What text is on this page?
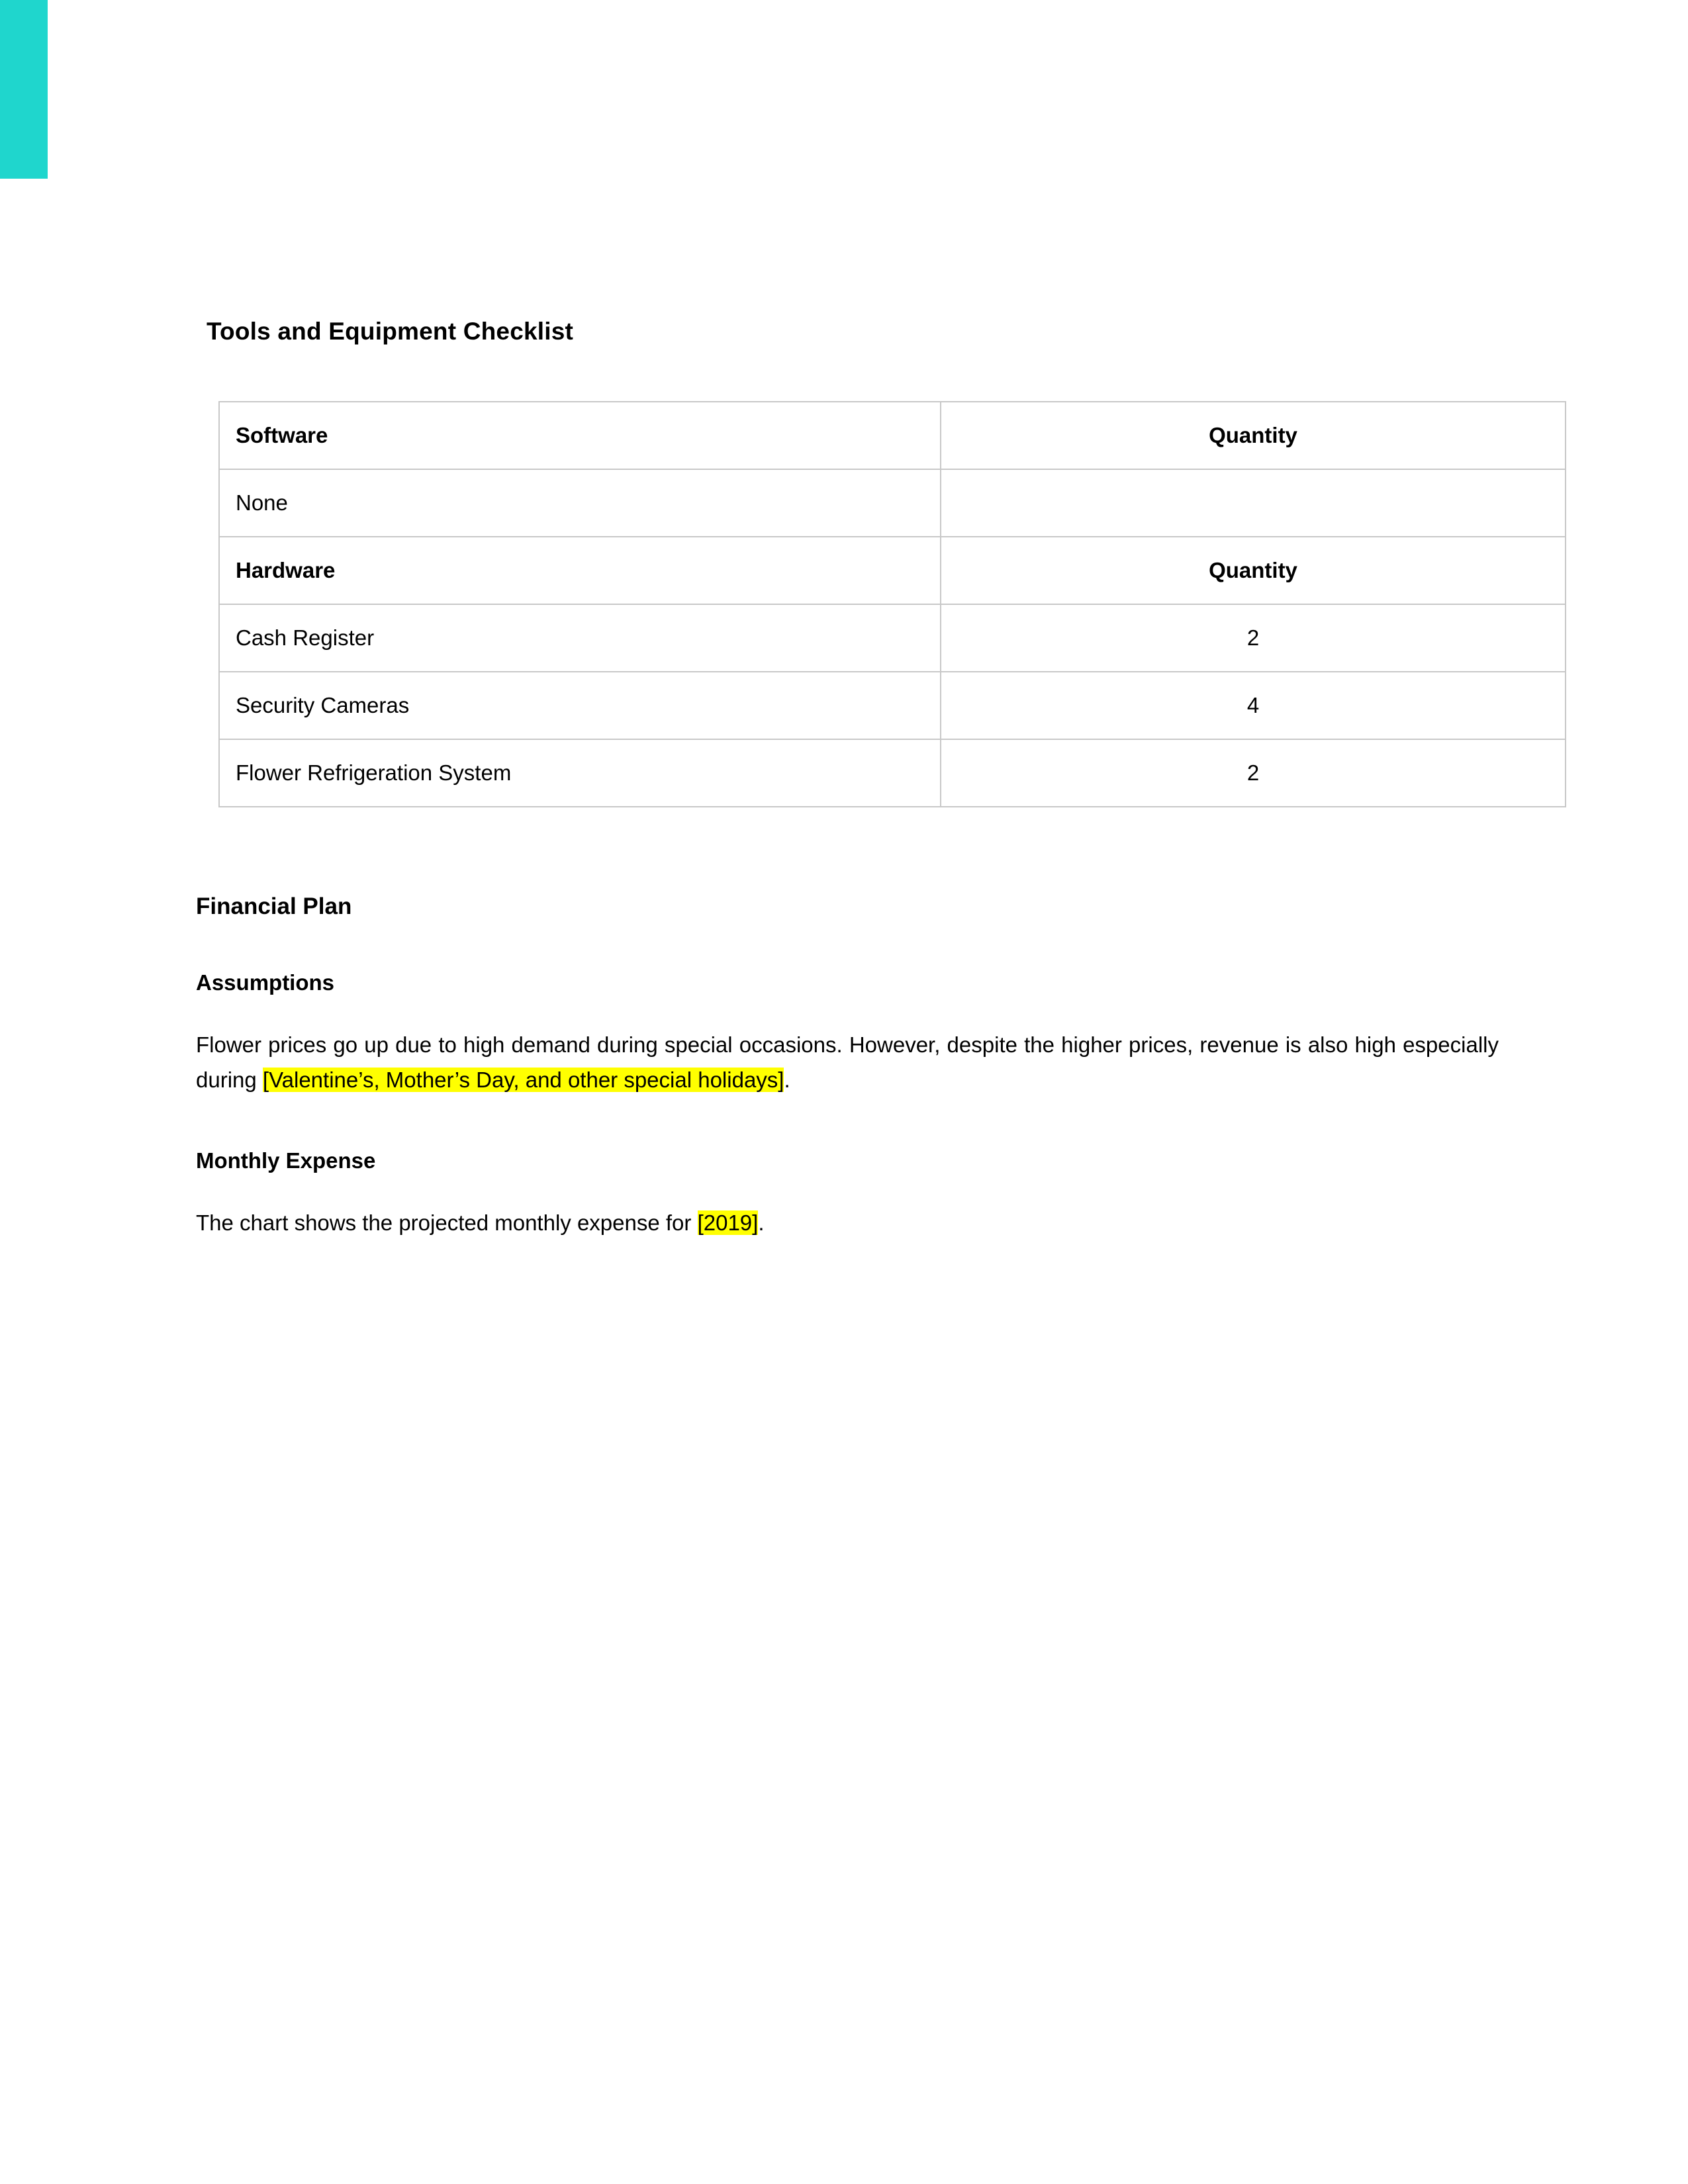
Tools and Equipment Checklist
Software	Quantity
None	
Hardware	Quantity
Cash Register	2
Security Cameras	4
Flower Refrigeration System	2
Financial Plan
Assumptions

Flower prices go up due to high demand during special occasions. However, despite the higher prices, revenue is also high especially during [Valentine’s, Mother’s Day, and other special holidays].

Monthly Expense

The chart shows the projected monthly expense for [2019].
